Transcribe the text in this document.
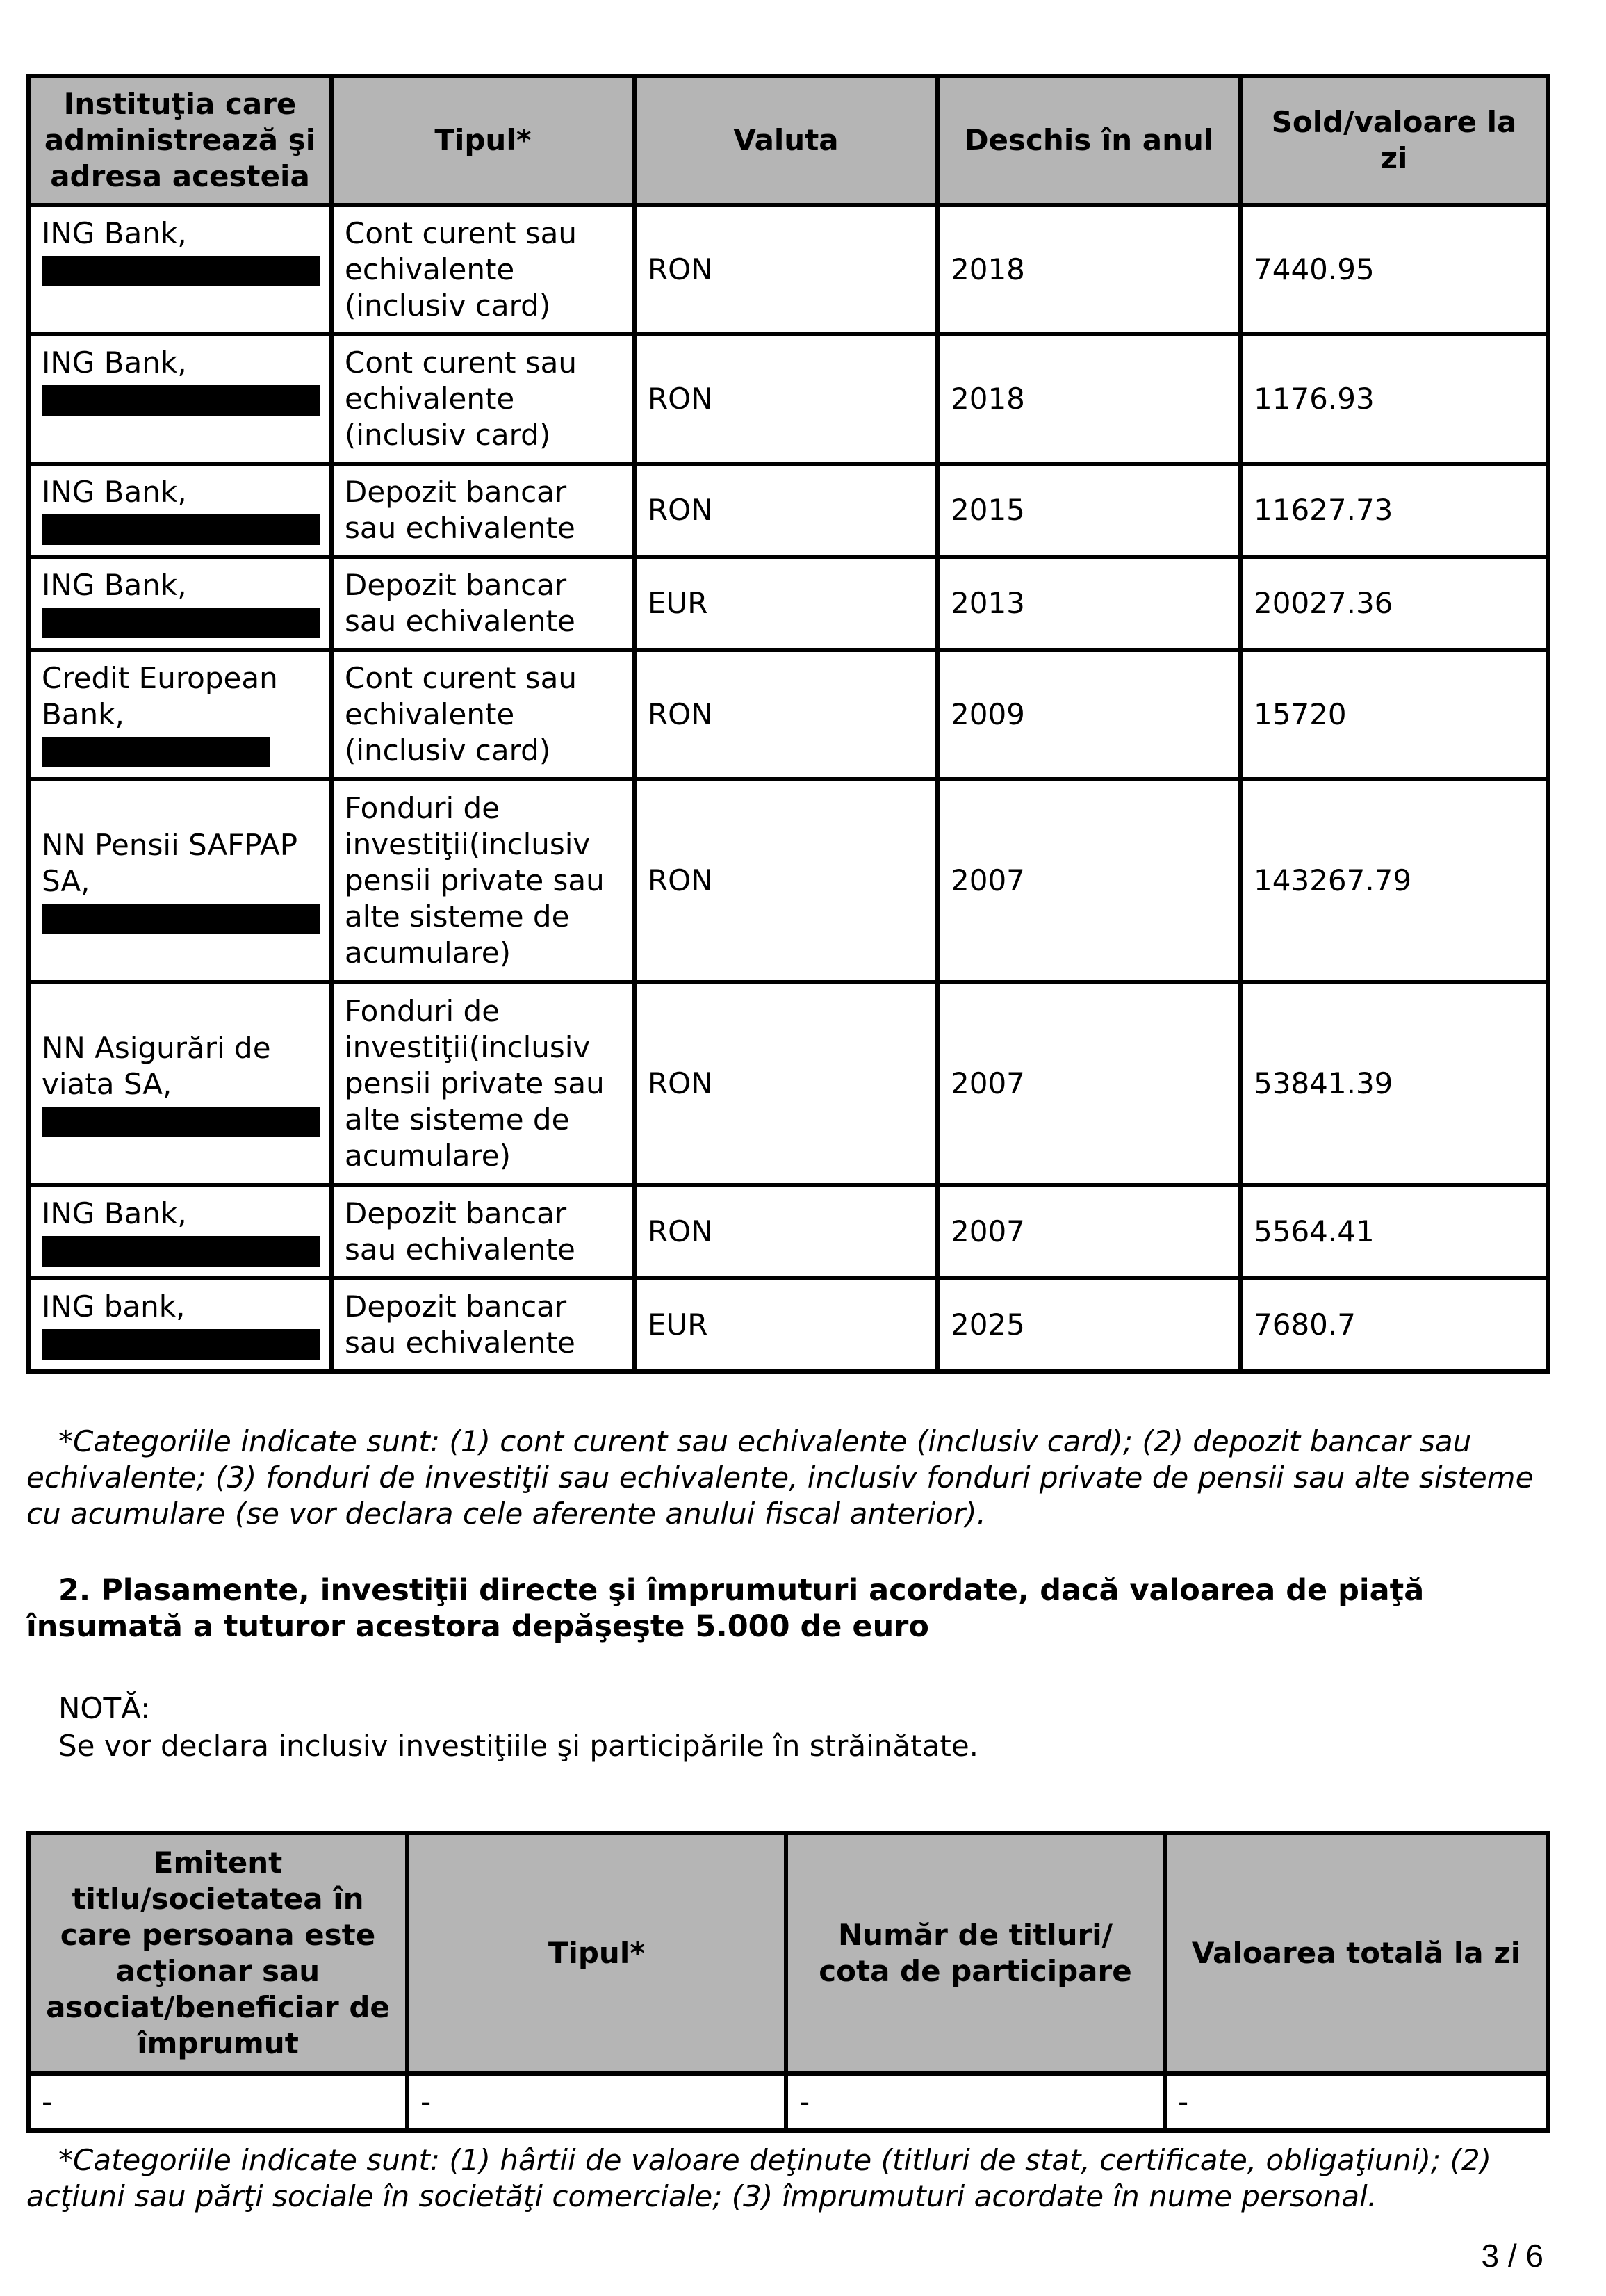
Instituţia care administrează şi adresa acesteia	Tipul*	Valuta	Deschis în anul	Sold/valoare la zi
ING Bank,	Cont curent sau echivalente (inclusiv card)	RON	2018	7440.95
ING Bank,	Cont curent sau echivalente (inclusiv card)	RON	2018	1176.93
ING Bank,	Depozit bancar sau echivalente	RON	2015	11627.73
ING Bank,	Depozit bancar sau echivalente	EUR	2013	20027.36
Credit European Bank,	Cont curent sau echivalente (inclusiv card)	RON	2009	15720
NN Pensii SAFPAP SA,	Fonduri de investiţii(inclusiv pensii private sau alte sisteme de acumulare)	RON	2007	143267.79
NN Asigurări de viata SA,	Fonduri de investiţii(inclusiv pensii private sau alte sisteme de acumulare)	RON	2007	53841.39
ING Bank,	Depozit bancar sau echivalente	RON	2007	5564.41
ING bank,	Depozit bancar sau echivalente	EUR	2025	7680.7
*Categoriile indicate sunt: (1) cont curent sau echivalente (inclusiv card); (2) depozit bancar sau echivalente; (3) fonduri de investiţii sau echivalente, inclusiv fonduri private de pensii sau alte sisteme cu acumulare (se vor declara cele aferente anului fiscal anterior).
2. Plasamente, investiţii directe şi împrumuturi acordate, dacă valoarea de piaţă însumată a tuturor acestora depăşeşte 5.000 de euro
NOTĂ:
Se vor declara inclusiv investiţiile şi participările în străinătate.
Emitent titlu/societatea în care persoana este acţionar sau asociat/beneficiar de împrumut	Tipul*	Număr de titluri/ cota de participare	Valoarea totală la zi
-	-	-	-
*Categoriile indicate sunt: (1) hârtii de valoare deţinute (titluri de stat, certificate, obligaţiuni); (2) acţiuni sau părţi sociale în societăţi comerciale; (3) împrumuturi acordate în nume personal.
3 / 6
